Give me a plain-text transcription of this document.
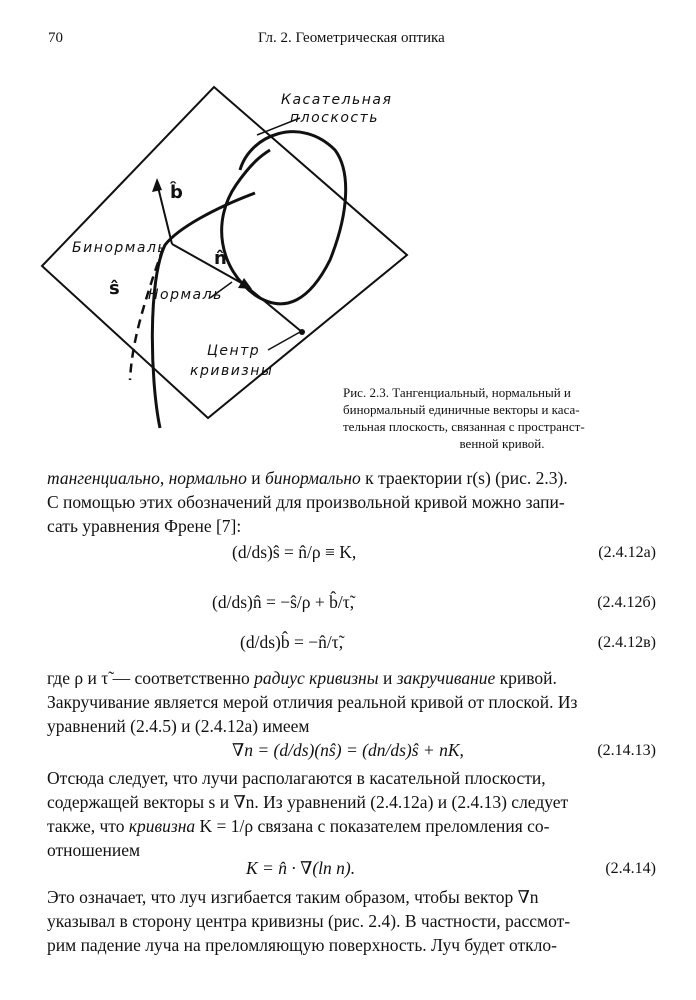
70	Гл. 2. Геометрическая оптика
Касательная
плоскость
Бинормаль
Нормаль
Центр
кривизны
b̂
n̂
ŝ
Рис. 2.3. Тангенциальный, нормальный и
бинормальный единичные векторы и каса-
тельная плоскость, связанная с пространст-
венной кривой.
тангенциально, нормально и бинормально к траектории r(s) (рис. 2.3).
С помощью этих обозначений для произвольной кривой можно запи-
сать уравнения Френе [7]:
(d/ds)ŝ = n̂/ρ ≡ K,	(2.4.12а)
(d/ds)n̂ = −ŝ/ρ + b̂/τ̃,	(2.4.12б)
(d/ds)b̂ = −n̂/τ̃,	(2.4.12в)
где ρ и τ̃ — соответственно радиус кривизны и закручивание кривой.
Закручивание является мерой отличия реальной кривой от плоской. Из
уравнений (2.4.5) и (2.4.12а) имеем
∇n = (d/ds)(nŝ) = (dn/ds)ŝ + nK,	(2.14.13)
Отсюда следует, что лучи располагаются в касательной плоскости,
содержащей векторы s и ∇n. Из уравнений (2.4.12а) и (2.4.13) следует
также, что кривизна K = 1/ρ связана с показателем преломления со-
отношением
K = n̂ · ∇(ln n).	(2.4.14)
Это означает, что луч изгибается таким образом, чтобы вектор ∇n
указывал в сторону центра кривизны (рис. 2.4). В частности, рассмот-
рим падение луча на преломляющую поверхность. Луч будет откло-
